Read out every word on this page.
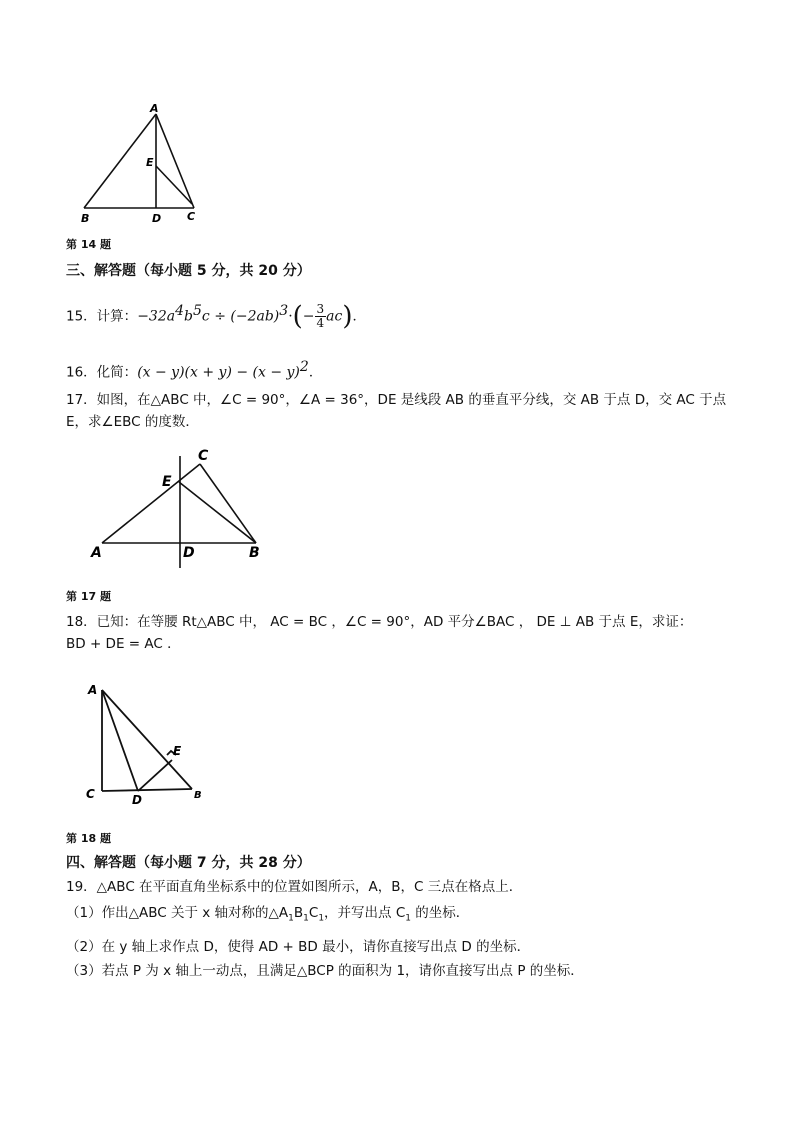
A
E
B	D C
第 14 题
三、解答题（每小题 5 分，共 20 分）
15．计算：$-32a^4b^5c \div (-2ab)^3\cdot(- \frac{3}{4} ac)$．
16．化简：$(x - y)(x + y) - (x - y)^2$．
17．如图，在△ABC 中，∠C = 90°，∠A = 36°，DE 是线段 AB 的垂直平分线，交 AB 于点 D，交 AC 于点
E，求∠EBC 的度数．
C
E
A	D	B
第 17 题
18．已知：在等腰 Rt△ABC 中， AC = BC ，∠C = 90°，AD 平分∠BAC ， DE ⊥ AB 于点 E，求证：
BD + DE = AC ．
A
E
C	D	B
第 18 题
四、解答题（每小题 7 分，共 28 分）
19．△ABC 在平面直角坐标系中的位置如图所示，A，B，C 三点在格点上．
（1）作出△ABC 关于 x 轴对称的$\triangle A_1B_1C_1$，并写出点 $C_1$ 的坐标．
（2）在 y 轴上求作点 D，使得 AD + BD 最小，请你直接写出点 D 的坐标．
（3）若点 P 为 x 轴上一动点，且满足△BCP 的面积为 1，请你直接写出点 P 的坐标．
